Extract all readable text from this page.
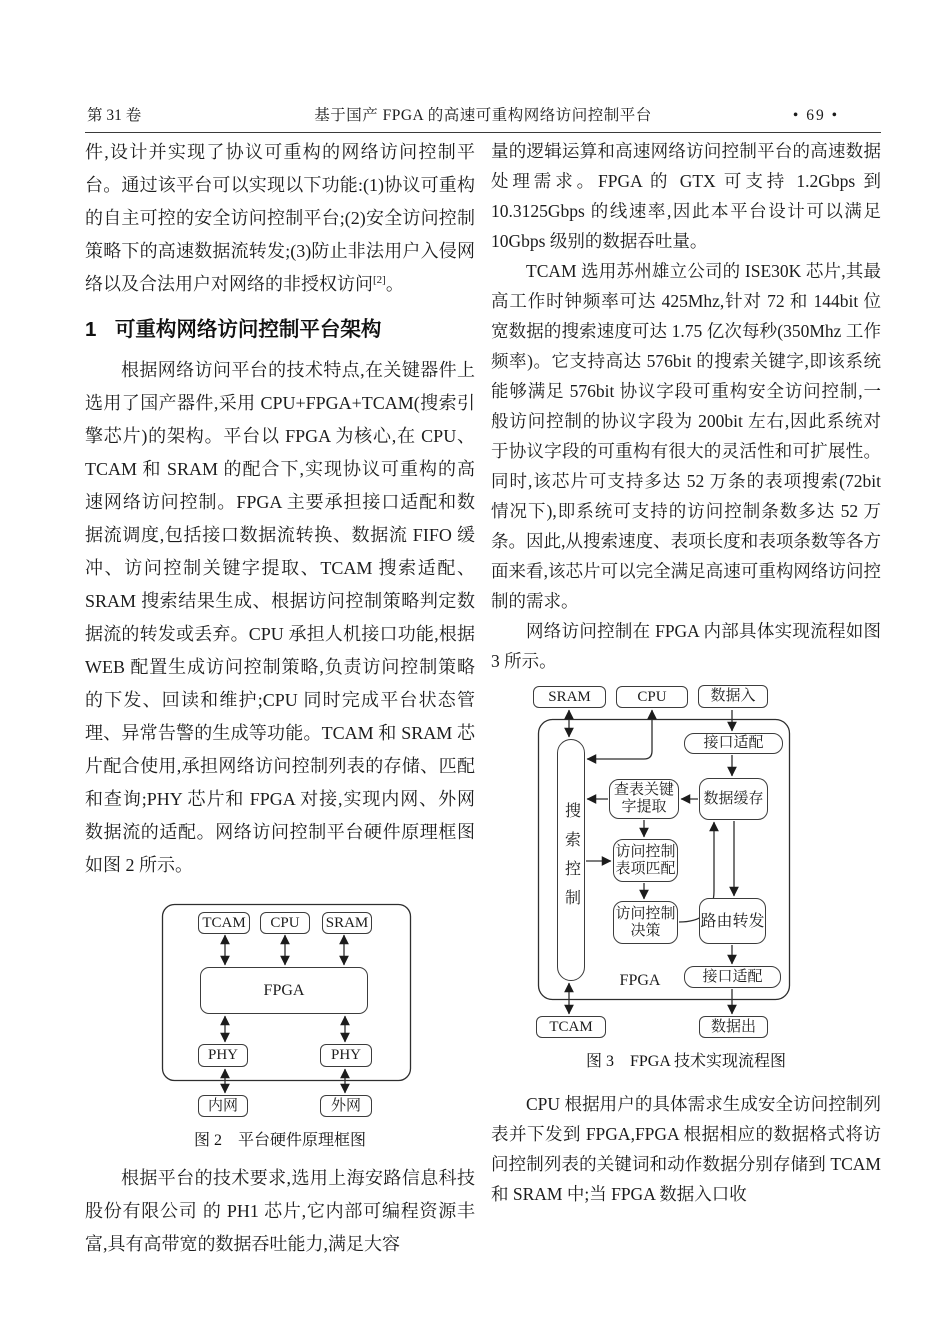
第 31 卷	基于国产 FPGA 的高速可重构网络访问控制平台	• 69 •

件,设计并实现了协议可重构的网络访问控制平台。通过该平台可以实现以下功能:(1)协议可重构的自主可控的安全访问控制平台;(2)安全访问控制策略下的高速数据流转发;(3)防止非法用户入侵网络以及合法用户对网络的非授权访问[2]。

1 可重构网络访问控制平台架构

根据网络访问平台的技术特点,在关键器件上选用了国产器件,采用 CPU+FPGA+TCAM(搜索引擎芯片)的架构。平台以 FPGA 为核心,在 CPU、TCAM 和 SRAM 的配合下,实现协议可重构的高速网络访问控制。FPGA 主要承担接口适配和数据流调度,包括接口数据流转换、数据流 FIFO 缓冲、访问控制关键字提取、TCAM 搜索适配、SRAM 搜索结果生成、根据访问控制策略判定数据流的转发或丢弃。CPU 承担人机接口功能,根据 WEB 配置生成访问控制策略,负责访问控制策略的下发、回读和维护;CPU 同时完成平台状态管理、异常告警的生成等功能。TCAM 和 SRAM 芯片配合使用,承担网络访问控制列表的存储、匹配和查询;PHY 芯片和 FPGA 对接,实现内网、外网数据流的适配。网络访问控制平台硬件原理框图如图 2 所示。

TCAM	CPU	SRAM
FPGA
PHY	PHY
内网	外网
图 2　平台硬件原理框图

根据平台的技术要求,选用上海安路信息科技股份有限公司 的 PH1 芯片,它内部可编程资源丰富,具有高带宽的数据吞吐能力,满足大容

量的逻辑运算和高速网络访问控制平台的高速数据处理需求。FPGA 的 GTX 可支持 1.2Gbps 到 10.3125Gbps 的线速率,因此本平台设计可以满足 10Gbps 级别的数据吞吐量。

TCAM 选用苏州雄立公司的 ISE30K 芯片,其最高工作时钟频率可达 425Mhz,针对 72 和 144bit 位宽数据的搜索速度可达 1.75 亿次每秒(350Mhz 工作频率)。它支持高达 576bit 的搜索关键字,即该系统能够满足 576bit 协议字段可重构安全访问控制,一般访问控制的协议字段为 200bit 左右,因此系统对于协议字段的可重构有很大的灵活性和可扩展性。同时,该芯片可支持多达 52 万条的表项搜索(72bit 情况下),即系统可支持的访问控制条数多达 52 万条。因此,从搜索速度、表项长度和表项条数等各方面来看,该芯片可以完全满足高速可重构网络访问控制的需求。

网络访问控制在 FPGA 内部具体实现流程如图 3 所示。

SRAM	CPU	数据入
接口适配
搜索控制
查表关键
字提取
数据缓存
访问控制
表项匹配
访问控制
决策
路由转发
接口适配
FPGA
TCAM	数据出
图 3　FPGA 技术实现流程图

CPU 根据用户的具体需求生成安全访问控制列表并下发到 FPGA,FPGA 根据相应的数据格式将访问控制列表的关键词和动作数据分别存储到 TCAM 和 SRAM 中;当 FPGA 数据入口收
